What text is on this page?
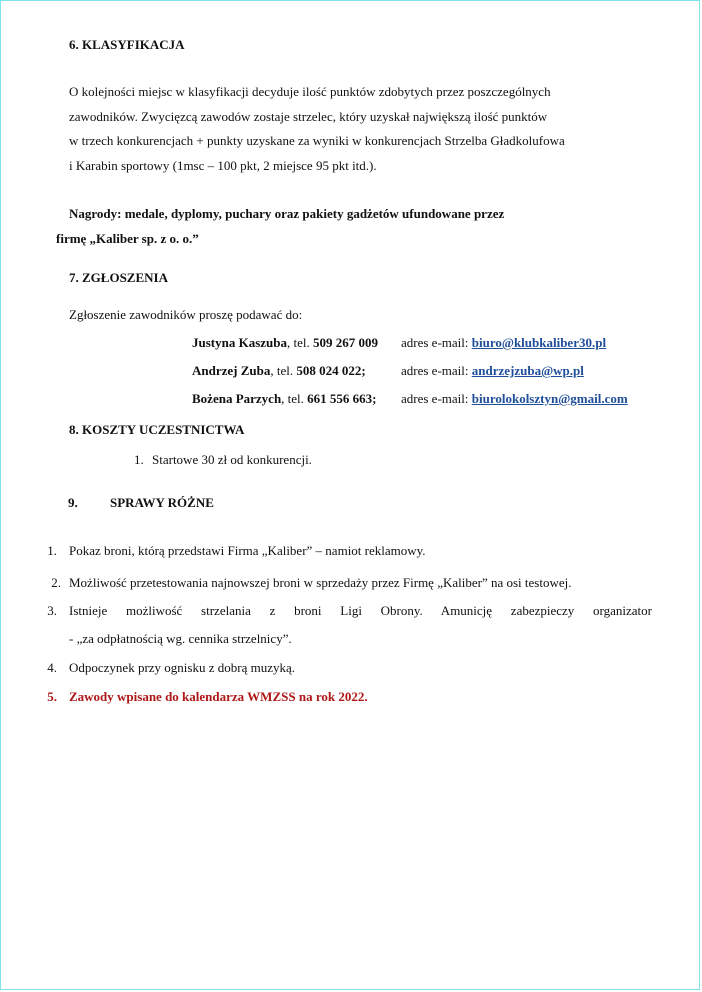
6. KLASYFIKACJA
O kolejności miejsc w klasyfikacji decyduje ilość punktów zdobytych przez poszczególnych
zawodników. Zwycięzcą zawodów zostaje strzelec, który uzyskał największą ilość punktów
w trzech konkurencjach + punkty uzyskane za wyniki w konkurencjach Strzelba Gładkolufowa
i Karabin sportowy (1msc – 100 pkt, 2 miejsce 95 pkt itd.).
Nagrody: medale, dyplomy, puchary oraz pakiety gadżetów ufundowane przez
firmę „Kaliber sp. z o. o.”
7. ZGŁOSZENIA
Zgłoszenie zawodników proszę podawać do:
Justyna Kaszuba, tel. 509 267 009 adres e-mail: biuro@klubkaliber30.pl
Andrzej Zuba, tel. 508 024 022;	adres e-mail: andrzejzuba@wp.pl
Bożena Parzych, tel. 661 556 663; adres e-mail: biurolokolsztyn@gmail.com
8. KOSZTY UCZESTNICTWA
1. Startowe 30 zł od konkurencji.
9. SPRAWY RÓŻNE
1. Pokaz broni, którą przedstawi Firma „Kaliber” – namiot reklamowy.
2. Możliwość przetestowania najnowszej broni w sprzedaży przez Firmę „Kaliber” na osi testowej.
3. Istnieje możliwość strzelania z broni Ligi Obrony. Amunicję zabezpieczy organizator
- „za odpłatnością wg. cennika strzelnicy”.
4. Odpoczynek przy ognisku z dobrą muzyką.
5. Zawody wpisane do kalendarza WMZSS na rok 2022.
